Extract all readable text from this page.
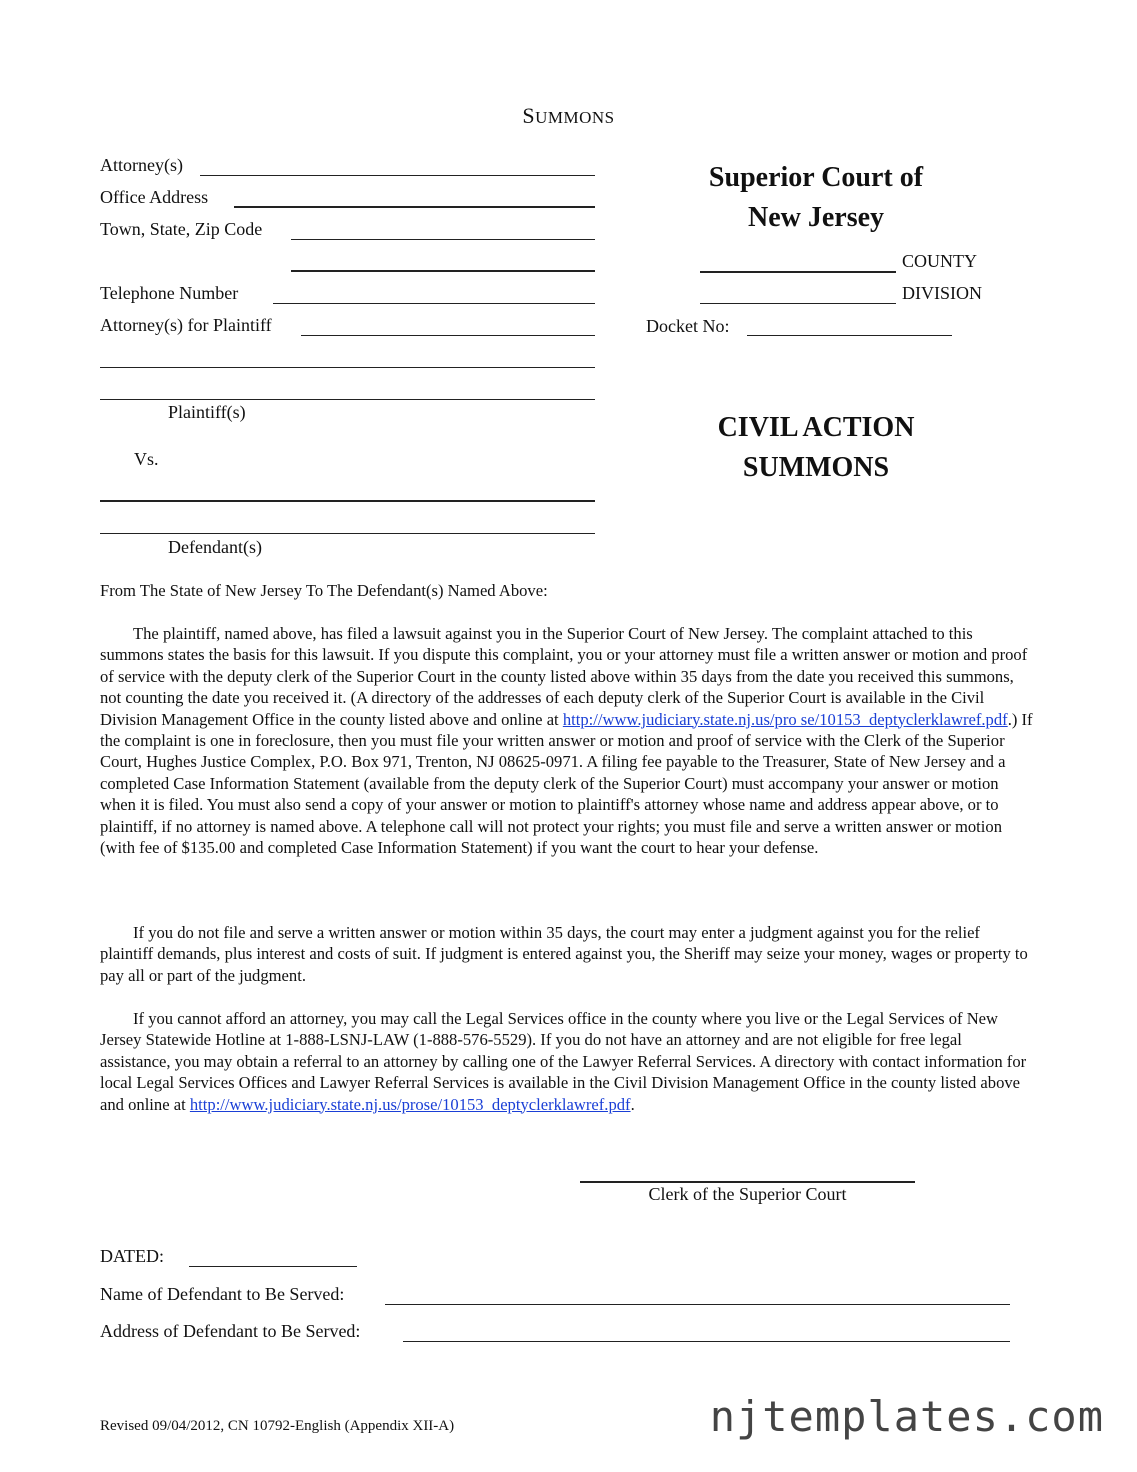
SUMMONS
Attorney(s)
Office Address
Town, State, Zip Code
Telephone Number
Attorney(s) for Plaintiff
Plaintiff(s)
Vs.
Defendant(s)
Superior Court of
New Jersey
COUNTY
DIVISION
Docket No:
CIVIL ACTION
SUMMONS
From The State of New Jersey To The Defendant(s) Named Above:
The plaintiff, named above, has filed a lawsuit against you in the Superior Court of New Jersey. The complaint attached to this summons states the basis for this lawsuit. If you dispute this complaint, you or your attorney must file a written answer or motion and proof of service with the deputy clerk of the Superior Court in the county listed above within 35 days from the date you received this summons, not counting the date you received it. (A directory of the addresses of each deputy clerk of the Superior Court is available in the Civil Division Management Office in the county listed above and online at http://www.judiciary.state.nj.us/pro se/10153_deptyclerklawref.pdf.) If the complaint is one in foreclosure, then you must file your written answer or motion and proof of service with the Clerk of the Superior Court, Hughes Justice Complex, P.O. Box 971, Trenton, NJ 08625-0971. A filing fee payable to the Treasurer, State of New Jersey and a completed Case Information Statement (available from the deputy clerk of the Superior Court) must accompany your answer or motion when it is filed. You must also send a copy of your answer or motion to plaintiff's attorney whose name and address appear above, or to plaintiff, if no attorney is named above. A telephone call will not protect your rights; you must file and serve a written answer or motion (with fee of $135.00 and completed Case Information Statement) if you want the court to hear your defense.
If you do not file and serve a written answer or motion within 35 days, the court may enter a judgment against you for the relief plaintiff demands, plus interest and costs of suit. If judgment is entered against you, the Sheriff may seize your money, wages or property to pay all or part of the judgment.
If you cannot afford an attorney, you may call the Legal Services office in the county where you live or the Legal Services of New Jersey Statewide Hotline at 1-888-LSNJ-LAW (1-888-576-5529). If you do not have an attorney and are not eligible for free legal assistance, you may obtain a referral to an attorney by calling one of the Lawyer Referral Services. A directory with contact information for local Legal Services Offices and Lawyer Referral Services is available in the Civil Division Management Office in the county listed above and online at http://www.judiciary.state.nj.us/prose/10153_deptyclerklawref.pdf.
Clerk of the Superior Court
DATED:
Name of Defendant to Be Served:
Address of Defendant to Be Served:
Revised 09/04/2012, CN 10792-English (Appendix XII-A)	njtemplates.com
